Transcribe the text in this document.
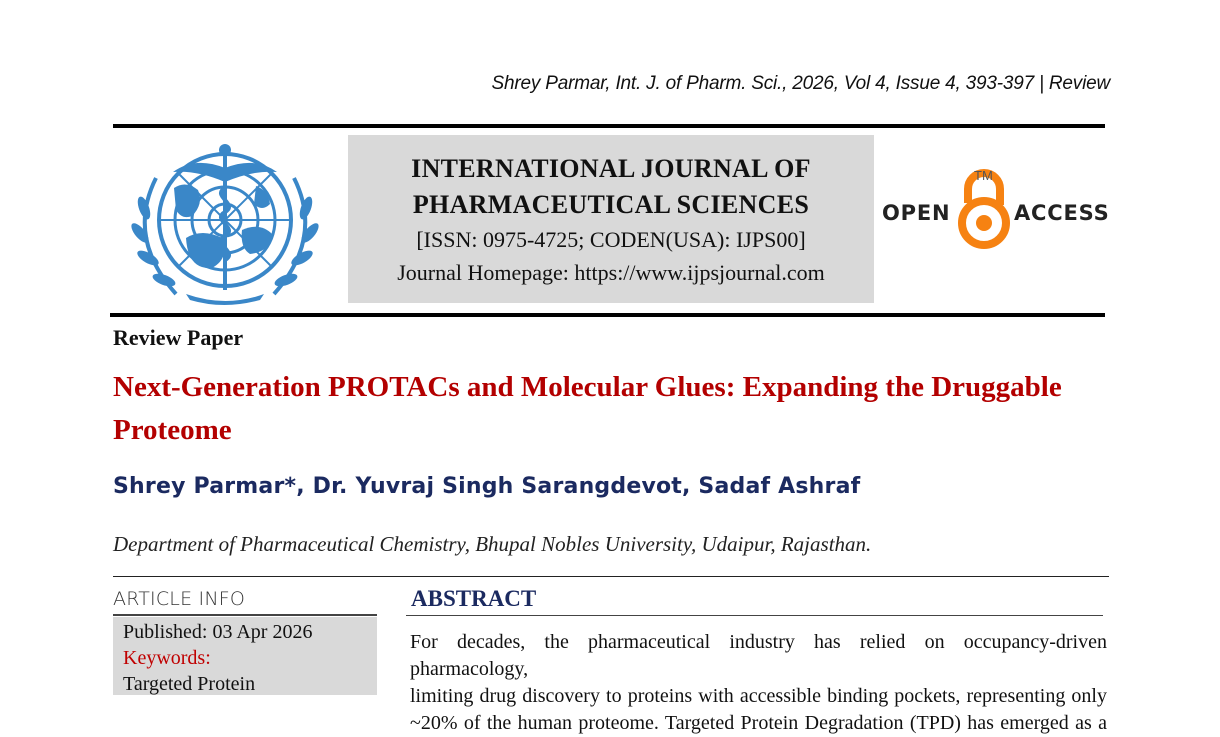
Shrey Parmar, Int. J. of Pharm. Sci., 2026, Vol 4, Issue 4, 393-397 | Review
INTERNATIONAL JOURNAL OF
PHARMACEUTICAL SCIENCES
[ISSN: 0975-4725; CODEN(USA): IJPS00]
Journal Homepage: https://www.ijpsjournal.com
OPEN
TM
ACCESS
Review Paper
Next-Generation PROTACs and Molecular Glues: Expanding the Druggable Proteome
Shrey Parmar*, Dr. Yuvraj Singh Sarangdevot, Sadaf Ashraf
Department of Pharmaceutical Chemistry, Bhupal Nobles University, Udaipur, Rajasthan.
ARTICLE INFO
Published: 03 Apr 2026
Keywords:
Targeted Protein
ABSTRACT
For decades, the pharmaceutical industry has relied on occupancy-driven pharmacology,
limiting drug discovery to proteins with accessible binding pockets, representing only
~20% of the human proteome. Targeted Protein Degradation (TPD) has emerged as a
